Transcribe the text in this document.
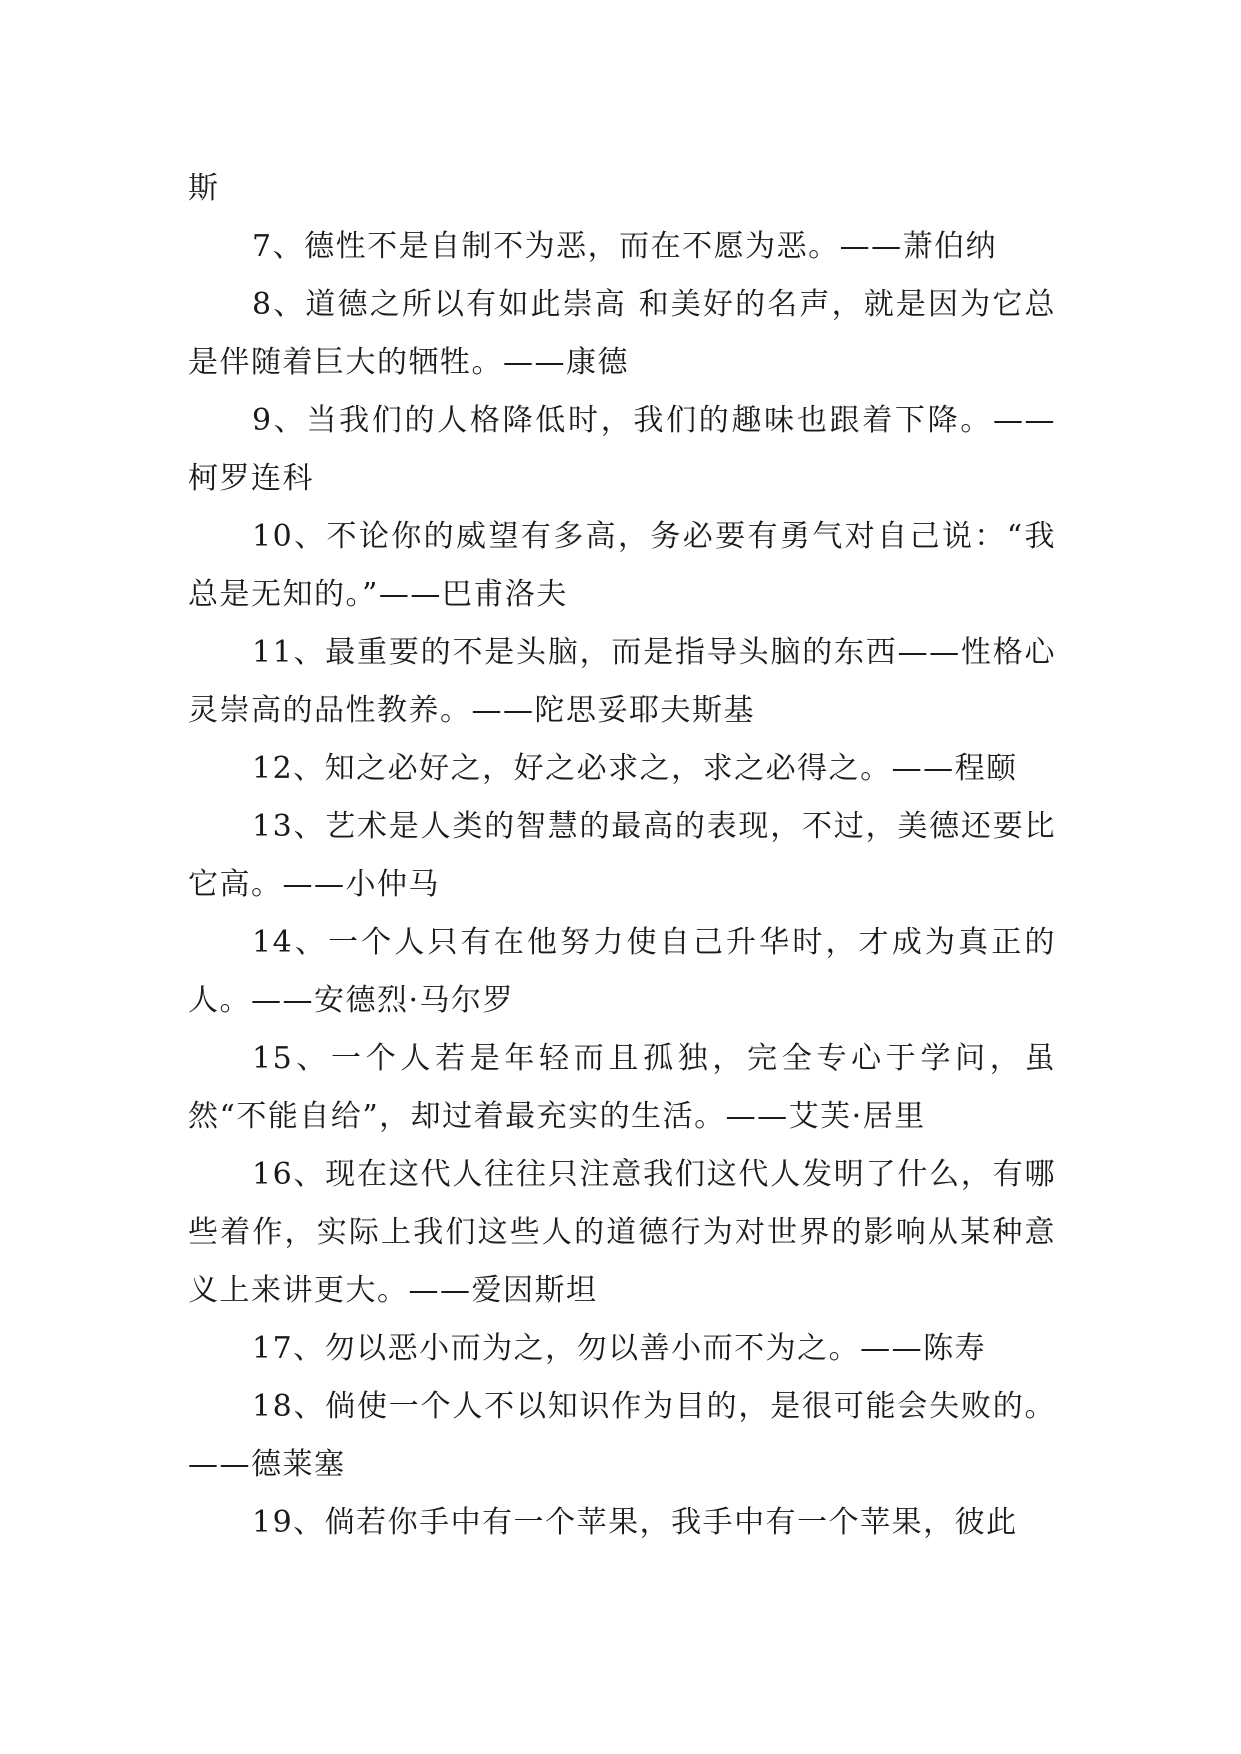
斯

7、德性不是自制不为恶，而在不愿为恶。——萧伯纳

8、道德之所以有如此崇高 和美好的名声，就是因为它总是伴随着巨大的牺牲。——康德

9、当我们的人格降低时，我们的趣味也跟着下降。——柯罗连科

10、不论你的威望有多高，务必要有勇气对自己说：“我总是无知的。”——巴甫洛夫

11、最重要的不是头脑，而是指导头脑的东西——性格心灵崇高的品性教养。——陀思妥耶夫斯基

12、知之必好之，好之必求之，求之必得之。——程颐

13、艺术是人类的智慧的最高的表现，不过，美德还要比它高。——小仲马

14、一个人只有在他努力使自己升华时，才成为真正的人。——安德烈·马尔罗

15、一个人若是年轻而且孤独，完全专心于学问，虽然“不能自给”，却过着最充实的生活。——艾芙·居里

16、现在这代人往往只注意我们这代人发明了什么，有哪些着作，实际上我们这些人的道德行为对世界的影响从某种意义上来讲更大。——爱因斯坦

17、勿以恶小而为之，勿以善小而不为之。——陈寿

18、倘使一个人不以知识作为目的，是很可能会失败的。——德莱塞

19、倘若你手中有一个苹果，我手中有一个苹果，彼此
